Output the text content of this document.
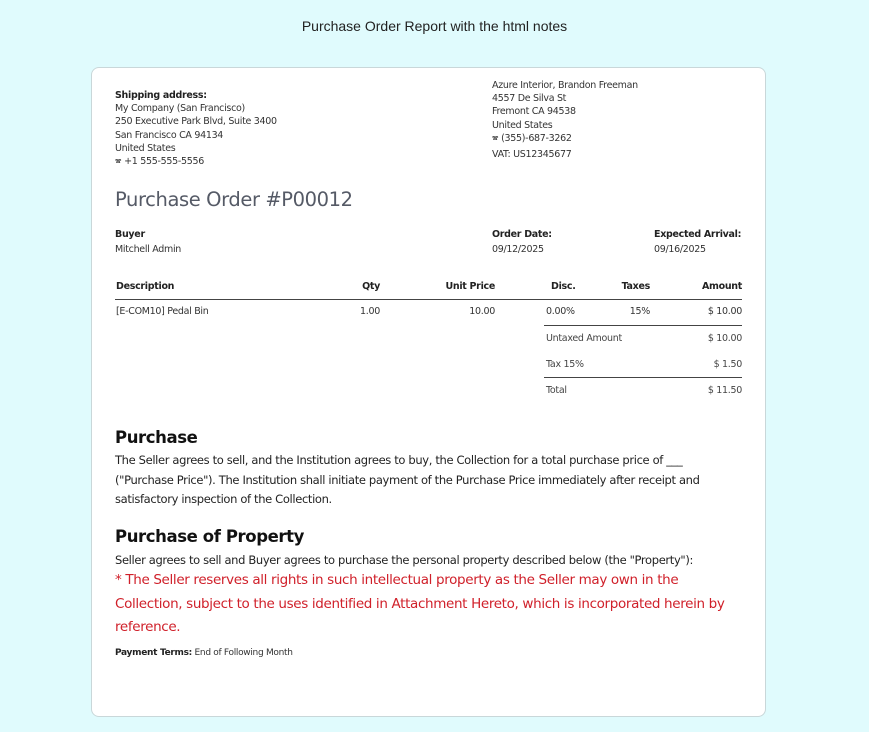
Purchase Order Report with the html notes
Shipping address:
My Company (San Francisco)
250 Executive Park Blvd, Suite 3400
San Francisco CA 94134
United States
🕿 +1 555-555-5556
Azure Interior, Brandon Freeman
4557 De Silva St
Fremont CA 94538
United States
🕿 (355)-687-3262
VAT: US12345677
Purchase Order #P00012
Buyer
Mitchell Admin
Order Date:
09/12/2025
Expected Arrival:
09/16/2025
Description	Qty	Unit Price	Disc.	Taxes	Amount
[E-COM10] Pedal Bin	1.00	10.00	0.00%	15%	$ 10.00
Untaxed Amount	$ 10.00
Tax 15%	$ 1.50
Total	$ 11.50
Purchase
The Seller agrees to sell, and the Institution agrees to buy, the Collection for a total purchase price of ___ ("Purchase Price"). The Institution shall initiate payment of the Purchase Price immediately after receipt and satisfactory inspection of the Collection.
Purchase of Property
Seller agrees to sell and Buyer agrees to purchase the personal property described below (the "Property"):
* The Seller reserves all rights in such intellectual property as the Seller may own in the Collection, subject to the uses identified in Attachment Hereto, which is incorporated herein by reference.
Payment Terms: End of Following Month
